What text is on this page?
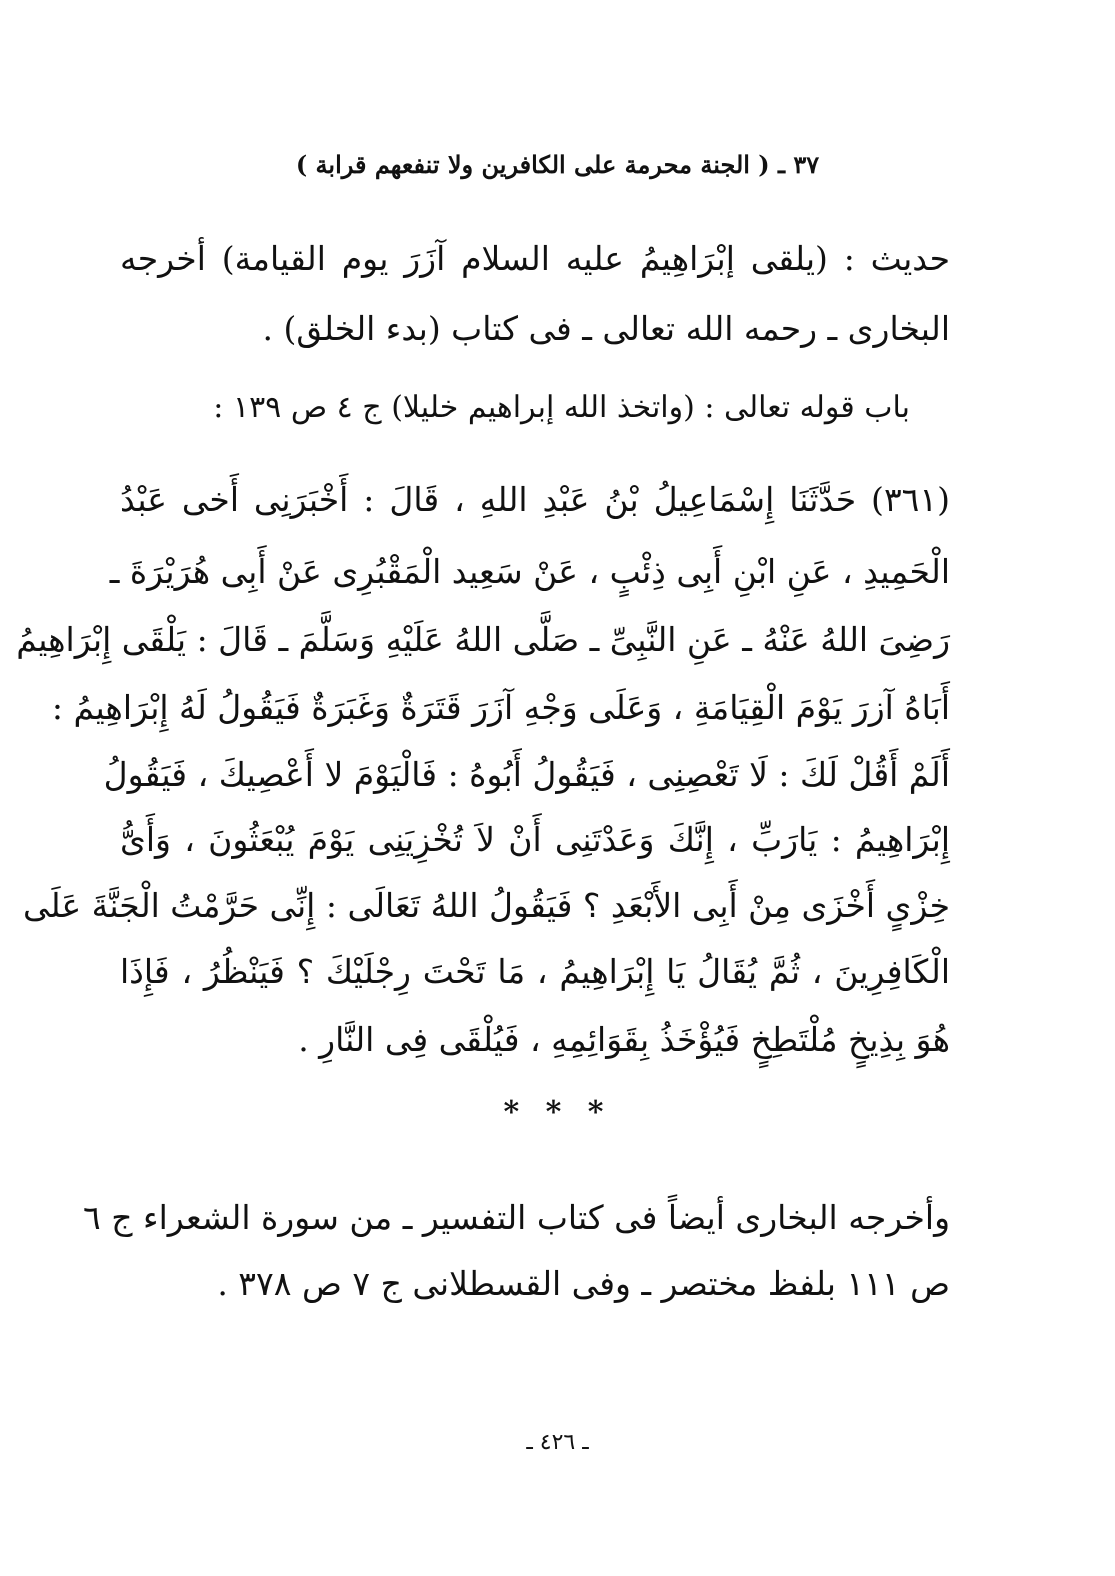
٣٧ ـ ( الجنة محرمة على الكافرين ولا تنفعهم قرابة )
حديث : (يلقى إبْرَاهِيمُ عليه السلام آزَرَ يوم القيامة) أخرجه
البخارى ـ رحمه الله تعالى ـ فى كتاب (بدء الخلق) .
باب قوله تعالى : (واتخذ الله إبراهيم خليلا) ج ٤ ص ١٣٩ :
(٣٦١) حَدَّثَنَا إِسْمَاعِيلُ بْنُ عَبْدِ اللهِ ، قَالَ : أَخْبَرَنِى أَخى عَبْدُ
الْحَمِيدِ ، عَنِ ابْنِ أَبِى ذِئْبٍ ، عَنْ سَعِيد الْمَقْبُرِى عَنْ أَبِى هُرَيْرَةَ ـ
رَضِىَ اللهُ عَنْهُ ـ عَنِ النَّبِىِّ ـ صَلَّى اللهُ عَلَيْهِ وَسَلَّمَ ـ قَالَ : يَلْقَى إِبْرَاهِيمُ
أَبَاهُ آزرَ يَوْمَ الْقِيَامَةِ ، وَعَلَى وَجْهِ آزَرَ قَتَرَةٌ وَغَبَرَةٌ فَيَقُولُ لَهُ إِبْرَاهِيمُ :
أَلَمْ أَقُلْ لَكَ : لَا تَعْصِنِى ، فَيَقُولُ أَبُوهُ : فَالْيَوْمَ لا أَعْصِيكَ ، فَيَقُولُ
إِبْرَاهِيمُ : يَارَبِّ ، إِنَّكَ وَعَدْتَنِى أَنْ لاَ تُخْزِيَنِى يَوْمَ يُبْعَثُونَ ، وَأَىُّ
خِزْىٍ أَخْزَى مِنْ أَبِى الأَبْعَدِ ؟ فَيَقُولُ اللهُ تَعَالَى : إِنِّى حَرَّمْتُ الْجَنَّةَ عَلَى
الْكَافِرِينَ ، ثُمَّ يُقَالُ يَا إِبْرَاهِيمُ ، مَا تَحْتَ رِجْلَيْكَ ؟ فَيَنْظُرُ ، فَإِذَا
هُوَ بِذِيخٍ مُلْتَطِخٍ فَيُؤْخَذُ بِقَوَائِمِهِ ، فَيُلْقَى فِى النَّارِ .
* * *
وأخرجه البخارى أيضاً فى كتاب التفسير ـ من سورة الشعراء ج ٦
ص ١١١ بلفظ مختصر ـ وفى القسطلانى ج ٧ ص ٣٧٨ .
ـ ٤٢٦ ـ
